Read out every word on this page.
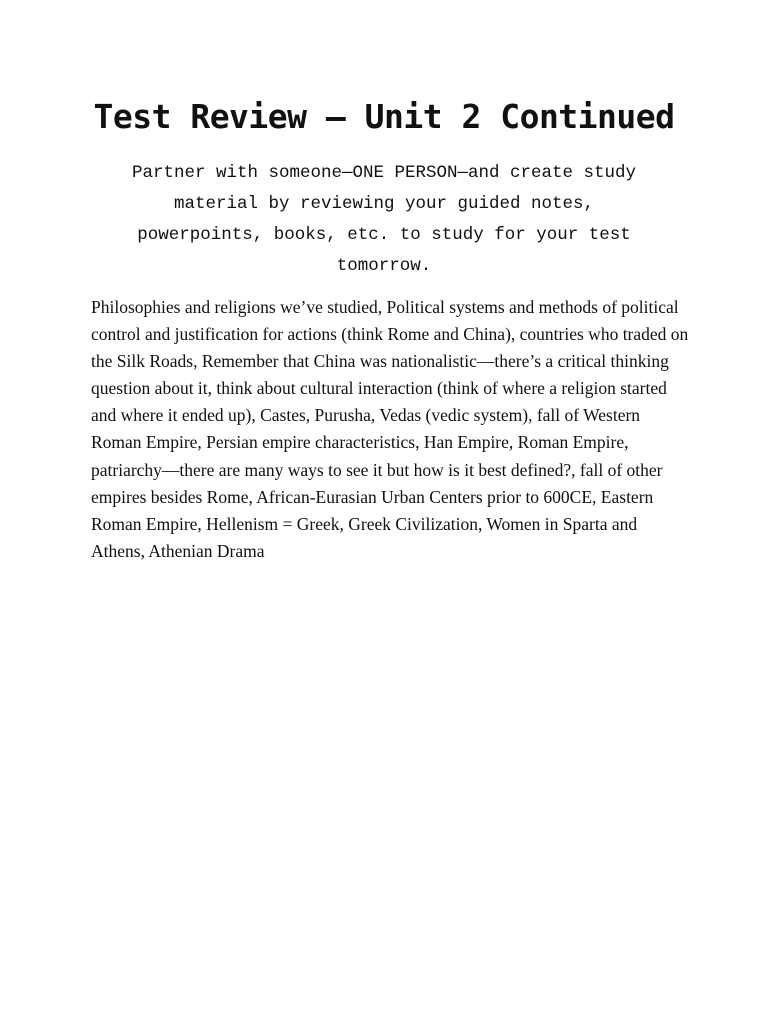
Test Review – Unit 2 Continued

Partner with someone—ONE PERSON—and create study material by reviewing your guided notes, powerpoints, books, etc. to study for your test tomorrow.

Philosophies and religions we’ve studied, Political systems and methods of political control and justification for actions (think Rome and China), countries who traded on the Silk Roads, Remember that China was nationalistic—there’s a critical thinking question about it, think about cultural interaction (think of where a religion started and where it ended up), Castes, Purusha, Vedas (vedic system), fall of Western Roman Empire, Persian empire characteristics, Han Empire, Roman Empire, patriarchy—there are many ways to see it but how is it best defined?, fall of other empires besides Rome, African-Eurasian Urban Centers prior to 600CE, Eastern Roman Empire, Hellenism = Greek, Greek Civilization, Women in Sparta and Athens, Athenian Drama
